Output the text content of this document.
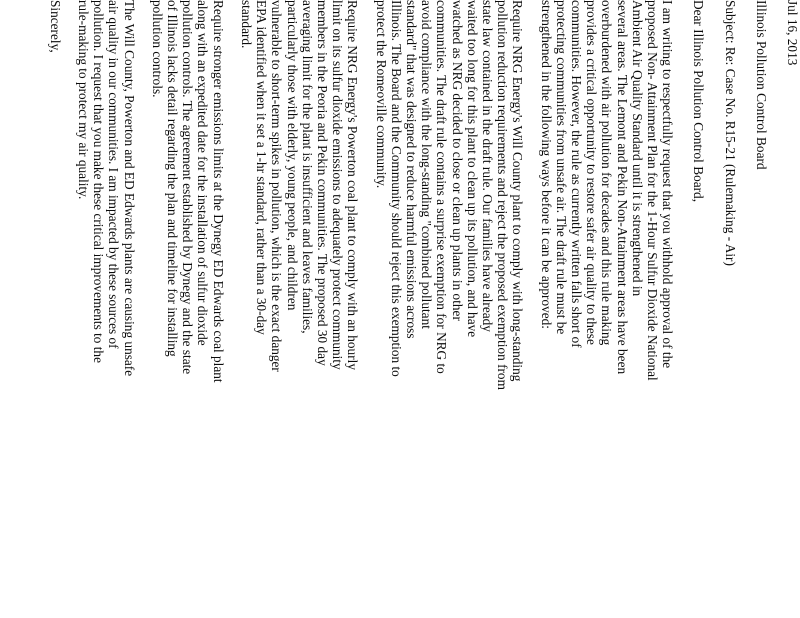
Jul 16, 2013

Illinois Pollution Control Board

Subject: Re: Case No. R15-21 (Rulemaking - Air)

Dear Illinois Pollution Control Board,

I am writing to respectfully request that you withhold approval of the
proposed Non- Attainment Plan for the 1-Hour Sulfur Dioxide National
Ambient Air Quality Standard until it is strengthened in
several areas. The Lemont and Pekin Non-Attainment areas have been
overburdened with air pollution for decades and this rule making
provides a critical opportunity to restore safer air quality to these
communities. However, the rule as currently written falls short of
protecting communities from unsafe air. The draft rule must be
strengthened in the following ways before it can be approved:

Require NRG Energy's Will County plant to comply with long-standing
pollution reduction requirements and reject the proposed exemption from
state law contained in the draft rule. Our families have already
waited too long for this plant to clean up its pollution, and have
watched as NRG decided to close or clean up plants in other
communities. The draft rule contains a surprise exemption for NRG to
avoid compliance with the long-standing "combined pollutant
standard" that was designed to reduce harmful emissions across
Illinois. The Board and the Community should reject this exemption to
protect the Romeoville community.

Require NRG Energy's Powerton coal plant to comply with an hourly
limit on its sulfur dioxide emissions to adequately protect community
members in the Peoria and Pekin communities. The proposed 30 day
averaging limit for the plant is insufficient and leaves families,
particularly those with elderly, young people, and children
vulnerable to short-term spikes in pollution, which is the exact danger
EPA identified when it set a 1-hr standard, rather than a 30-day
standard.

Require stronger emissions limits at the Dynegy ED Edwards coal plant
along with an expedited date for the installation of sulfur dioxide
pollution controls. The agreement established by Dynegy and the state
of Illinois lacks detail regarding the plan and timeline for installing
pollution controls.

The Will County, Powerton and ED Edwards plants are causing unsafe
air quality in our communities. I am impacted by these sources of
pollution. I request that you make these critical improvements to the
rule-making to protect my air quality.

Sincerely,
